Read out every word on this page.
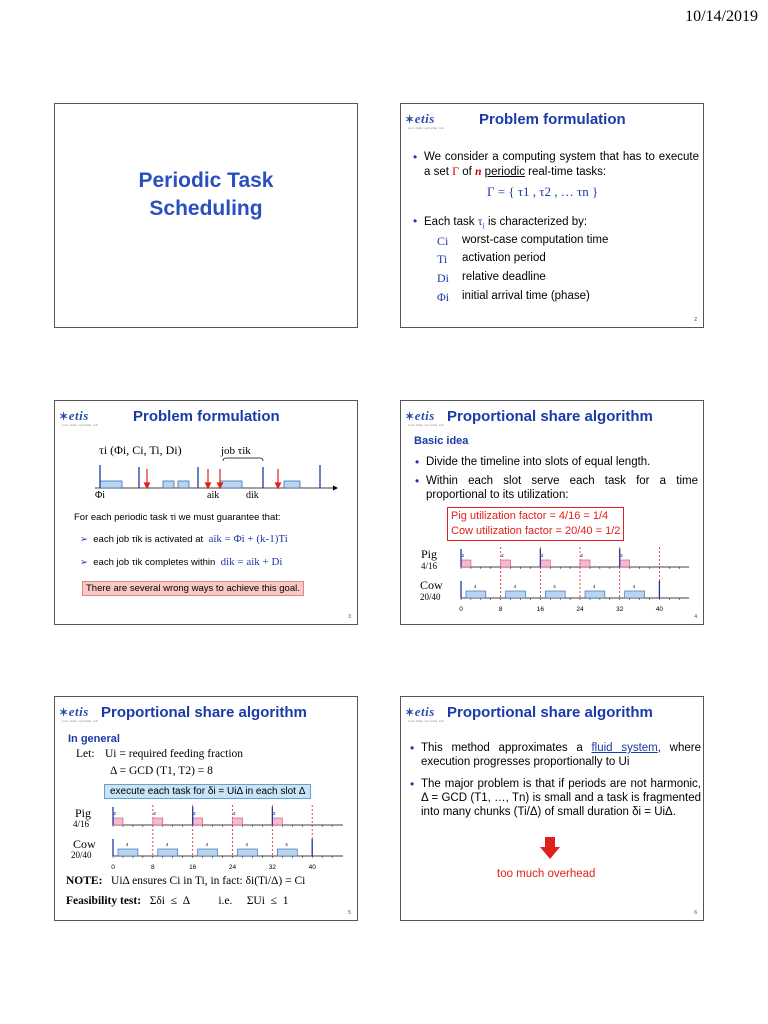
10/14/2019
Periodic Task
Scheduling
✶etis
real-time systems lab Problem formulation
• We consider a computing system that has to execute a set Γ of n periodic real-time tasks:
Γ = { τ1 , τ2 , … τn }
• Each task $\tau_i$ is characterized by:
Ci worst-case computation time
Ti activation period
Di relative deadline
Φi initial arrival time (phase)
2
✶etis
real-time systems lab Problem formulation
τi (Φi, Ci, Ti, Di)	job τik
Φi	aik	dik
For each periodic task τi we must guarantee that:
➢ each job τik is activated at aik = Φi + (k-1)Ti
➢ each job τik completes within dik = aik + Di
There are several wrong ways to achieve this goal.
3
✶etis
real-time systems lab Proportional share algorithm
Basic idea
• Divide the timeline into slots of equal length.
• Within each slot serve each task for a time proportional to its utilization:
Pig utilization factor = 4/16 = 1/4
Cow utilization factor = 20/40 = 1/2
Pig
4/16
Cow
20/40
2	2	2	2	2
4	4	4	4	4
0	8	16	24	32	40
4
✶etis
real-time systems lab Proportional share algorithm
In general
Let: Ui = required feeding fraction
Δ = GCD (T1, T2) = 8
execute each task for δi = UiΔ in each slot Δ
Pig
4/16
Cow
20/40
2	2	2	2	2
4	4	4	4	4
0	8	16	24	32	40
NOTE: UiΔ ensures Ci in Ti, in fact: δi(Ti/Δ) = Ci
Feasibility test: Σδi  ≤  Δ          i.e.     ΣUi  ≤  1
5
✶etis
real-time systems lab Proportional share algorithm
• This method approximates a fluid system, where execution progresses proportionally to Ui
• The major problem is that if periods are not harmonic, Δ = GCD (T1, …, Tn) is small and a task is fragmented into many chunks (Ti/Δ) of small duration δi = UiΔ.
too much overhead
6
